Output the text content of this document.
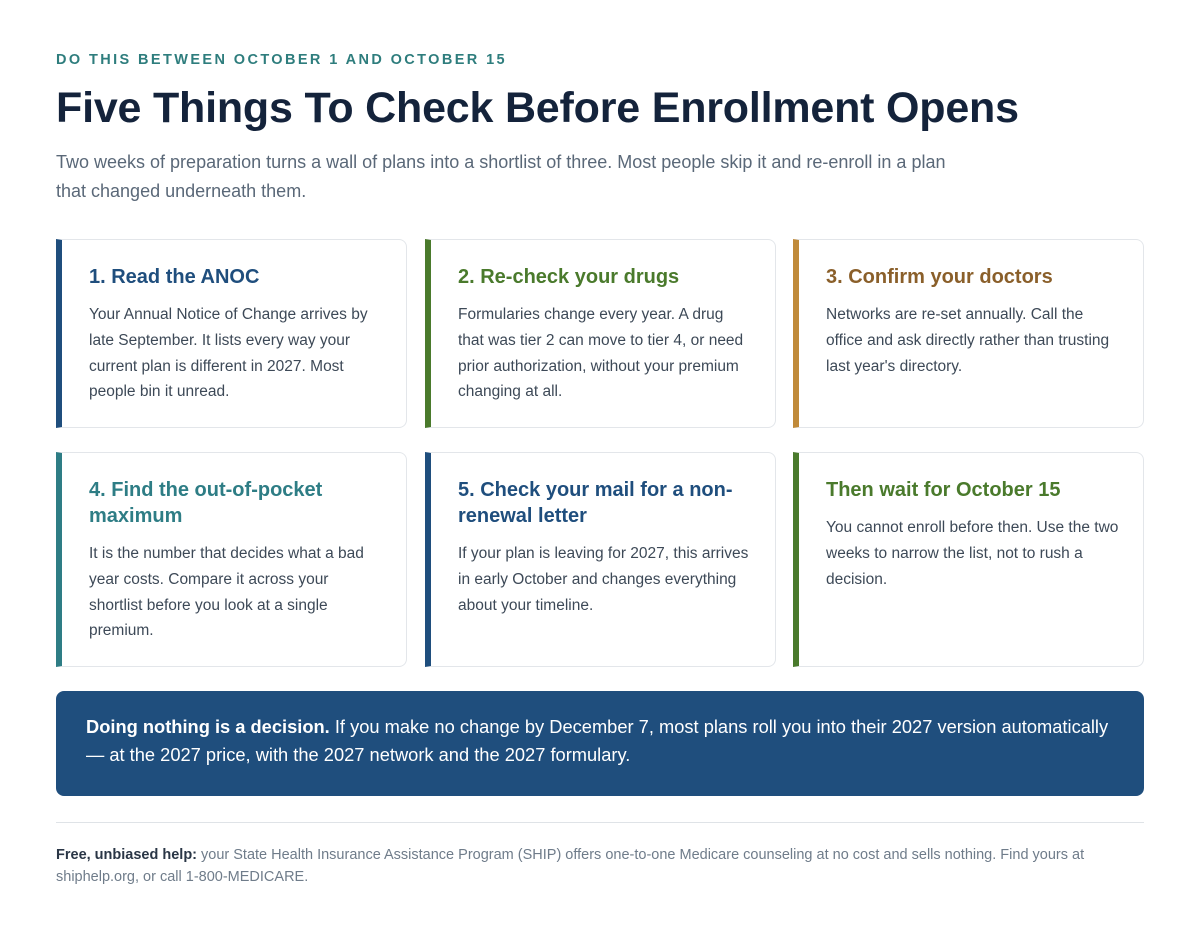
DO THIS BETWEEN OCTOBER 1 AND OCTOBER 15
Five Things To Check Before Enrollment Opens

Two weeks of preparation turns a wall of plans into a shortlist of three. Most people skip it and re-enroll in a plan that changed underneath them.

1. Read the ANOC

Your Annual Notice of Change arrives by late September. It lists every way your current plan is different in 2027. Most people bin it unread.

2. Re-check your drugs

Formularies change every year. A drug that was tier 2 can move to tier 4, or need prior authorization, without your premium changing at all.

3. Confirm your doctors

Networks are re-set annually. Call the office and ask directly rather than trusting last year's directory.

4. Find the out-of-pocket maximum

It is the number that decides what a bad year costs. Compare it across your shortlist before you look at a single premium.

5. Check your mail for a non-renewal letter

If your plan is leaving for 2027, this arrives in early October and changes everything about your timeline.

Then wait for October 15

You cannot enroll before then. Use the two weeks to narrow the list, not to rush a decision.

Doing nothing is a decision. If you make no change by December 7, most plans roll you into their 2027 version automatically — at the 2027 price, with the 2027 network and the 2027 formulary.

Free, unbiased help: your State Health Insurance Assistance Program (SHIP) offers one-to-one Medicare counseling at no cost and sells nothing. Find yours at shiphelp.org, or call 1-800-MEDICARE.
